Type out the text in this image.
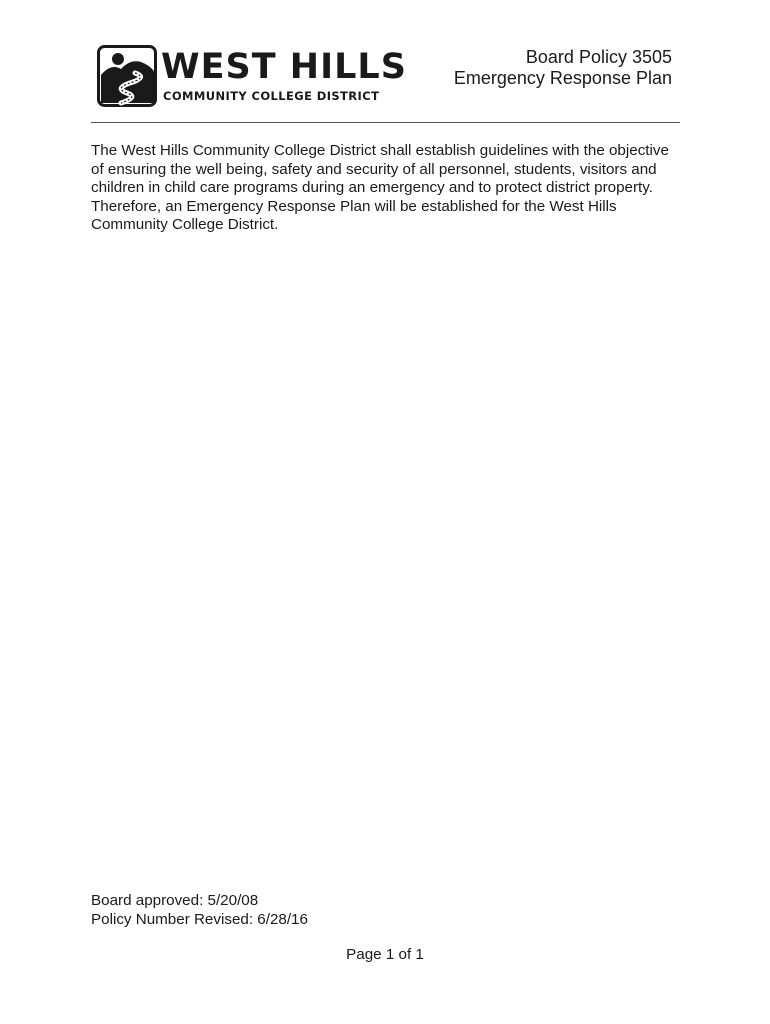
WEST HILLS
COMMUNITY COLLEGE DISTRICT
Board Policy 3505
Emergency Response Plan
The West Hills Community College District shall establish guidelines with the objective of ensuring the well being, safety and security of all personnel, students, visitors and children in child care programs during an emergency and to protect district property. Therefore, an Emergency Response Plan will be established for the West Hills Community College District.
Board approved: 5/20/08
Policy Number Revised: 6/28/16
Page 1 of 1
